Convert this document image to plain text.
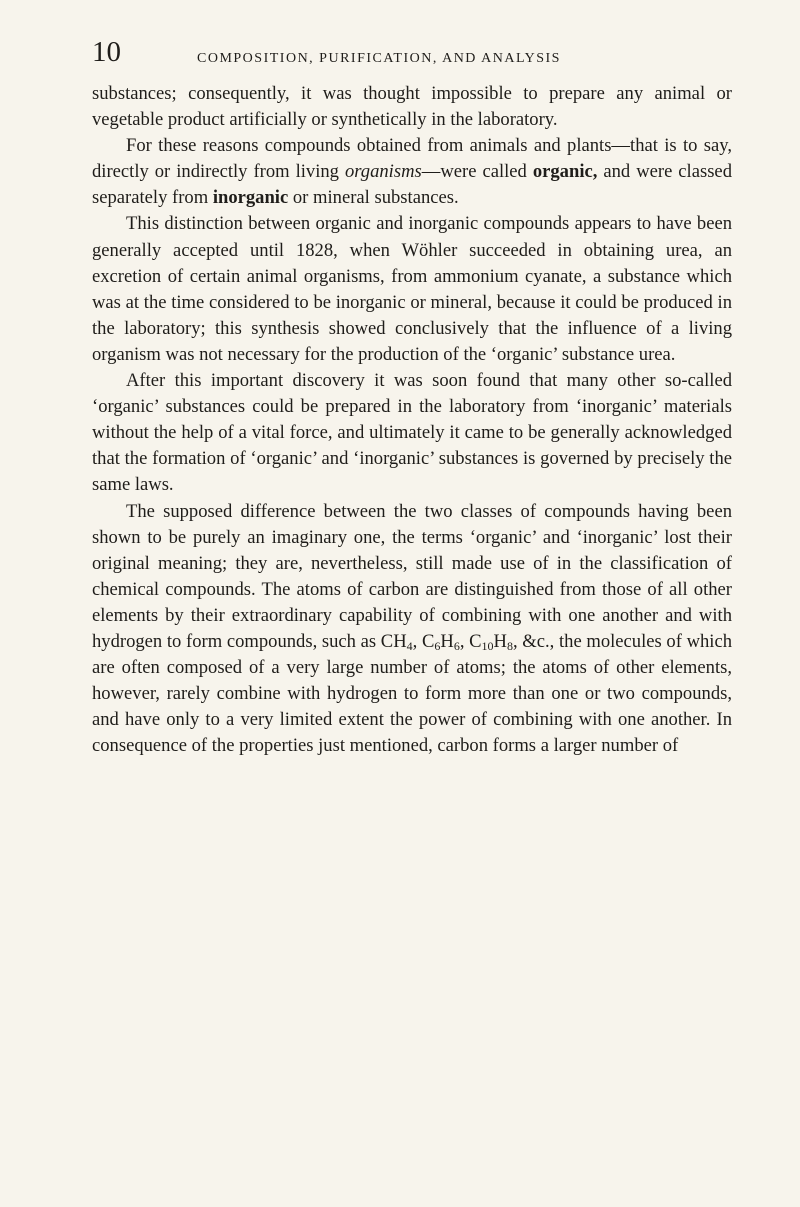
10	COMPOSITION, PURIFICATION, AND ANALYSIS

substances; consequently, it was thought impossible to prepare any animal or vegetable product artificially or synthetically in the laboratory.

For these reasons compounds obtained from animals and plants—that is to say, directly or indirectly from living organisms—were called organic, and were classed separately from inorganic or mineral substances.

This distinction between organic and inorganic compounds appears to have been generally accepted until 1828, when Wöhler succeeded in obtaining urea, an excretion of certain animal organisms, from ammonium cyanate, a substance which was at the time considered to be inorganic or mineral, because it could be produced in the laboratory; this synthesis showed conclusively that the influence of a living organism was not necessary for the production of the ‘organic’ substance urea.

After this important discovery it was soon found that many other so-called ‘organic’ substances could be prepared in the laboratory from ‘inorganic’ materials without the help of a vital force, and ultimately it came to be generally acknowledged that the formation of ‘organic’ and ‘inorganic’ substances is governed by precisely the same laws.

The supposed difference between the two classes of compounds having been shown to be purely an imaginary one, the terms ‘organic’ and ‘inorganic’ lost their original meaning; they are, nevertheless, still made use of in the classification of chemical compounds. The atoms of carbon are distinguished from those of all other elements by their extraordinary capability of combining with one another and with hydrogen to form compounds, such as $CH_4$, $C_6H_6$, $C_{10}H_8$, &c., the molecules of which are often composed of a very large number of atoms; the atoms of other elements, however, rarely combine with hydrogen to form more than one or two compounds, and have only to a very limited extent the power of combining with one another. In consequence of the properties just mentioned, carbon forms a larger number of
